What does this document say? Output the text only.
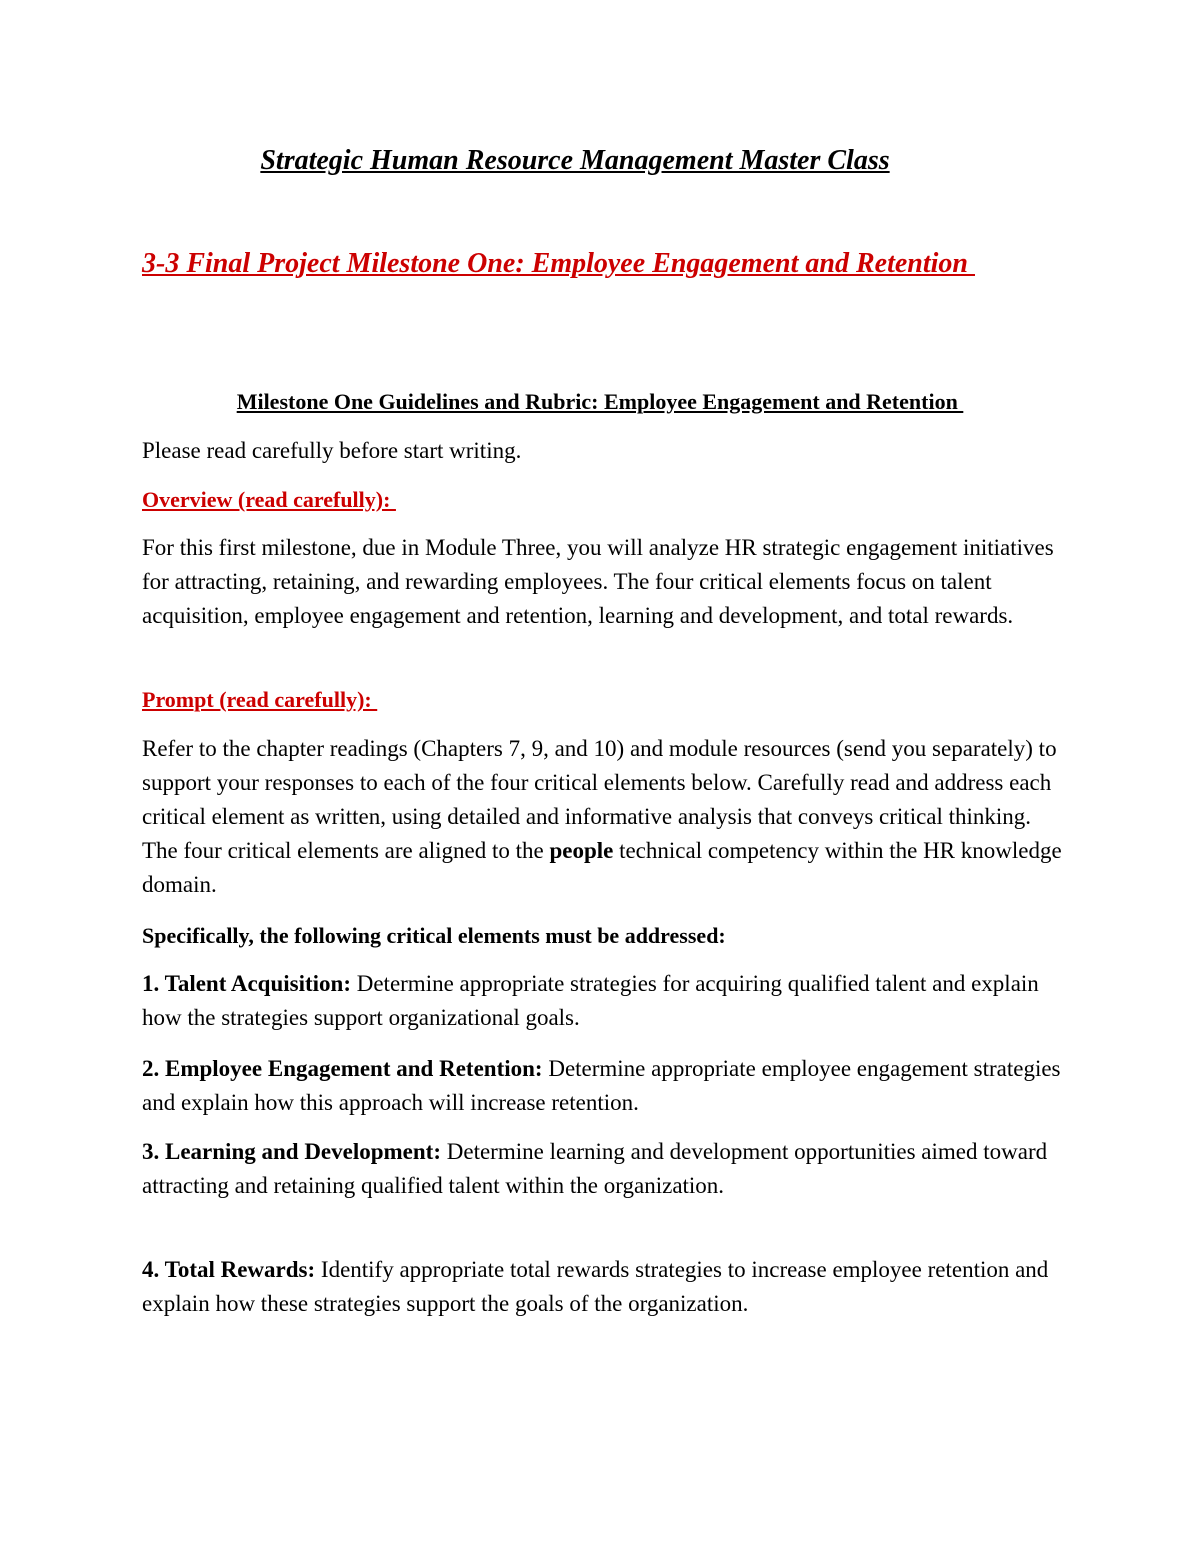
Strategic Human Resource Management Master Class
3-3 Final Project Milestone One: Employee Engagement and Retention
Milestone One Guidelines and Rubric: Employee Engagement and Retention

Please read carefully before start writing.

Overview (read carefully):

For this first milestone, due in Module Three, you will analyze HR strategic engagement initiatives for attracting, retaining, and rewarding employees. The four critical elements focus on talent acquisition, employee engagement and retention, learning and development, and total rewards.

Prompt (read carefully):

Refer to the chapter readings (Chapters 7, 9, and 10) and module resources (send you separately) to support your responses to each of the four critical elements below. Carefully read and address each critical element as written, using detailed and informative analysis that conveys critical thinking. The four critical elements are aligned to the people technical competency within the HR knowledge domain.

Specifically, the following critical elements must be addressed:

1. Talent Acquisition: Determine appropriate strategies for acquiring qualified talent and explain how the strategies support organizational goals.

2. Employee Engagement and Retention: Determine appropriate employee engagement strategies and explain how this approach will increase retention.

3. Learning and Development: Determine learning and development opportunities aimed toward attracting and retaining qualified talent within the organization.

4. Total Rewards: Identify appropriate total rewards strategies to increase employee retention and explain how these strategies support the goals of the organization.
